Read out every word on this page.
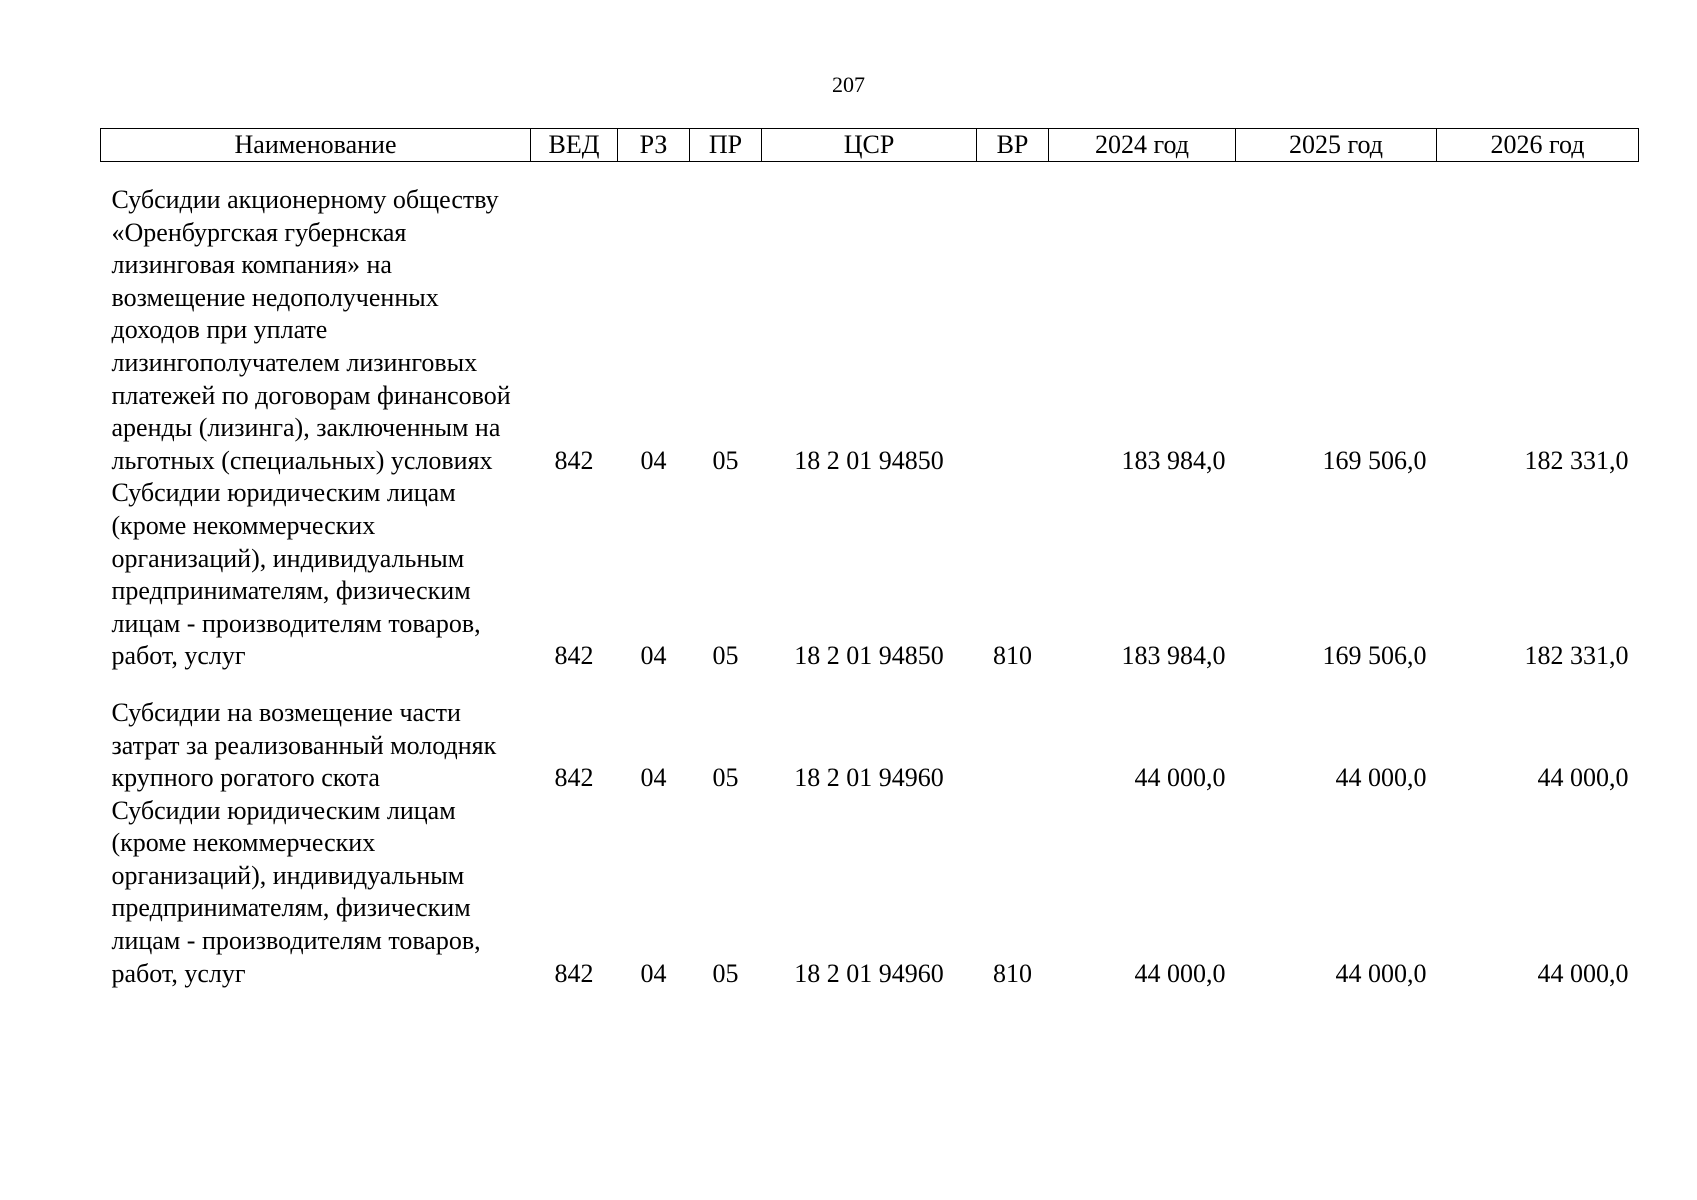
207
Наименование	ВЕД	РЗ	ПР	ЦСР	ВР	2024 год	2025 год	2026 год
Субсидии акционерному обществу «Оренбургская губернская лизинговая компания» на возмещение недополученных доходов при уплате лизингополучателем лизинговых платежей по договорам финансовой аренды (лизинга), заключенным на льготных (специальных) условиях	842	04	05	18 2 01 94850		183 984,0	169 506,0	182 331,0
Субсидии юридическим лицам (кроме некоммерческих организаций), индивидуальным предпринимателям, физическим лицам - производителям товаров, работ, услуг	842	04	05	18 2 01 94850	810	183 984,0	169 506,0	182 331,0
Субсидии на возмещение части затрат за реализованный молодняк крупного рогатого скота	842	04	05	18 2 01 94960		44 000,0	44 000,0	44 000,0
Субсидии юридическим лицам (кроме некоммерческих организаций), индивидуальным предпринимателям, физическим лицам - производителям товаров, работ, услуг	842	04	05	18 2 01 94960	810	44 000,0	44 000,0	44 000,0
